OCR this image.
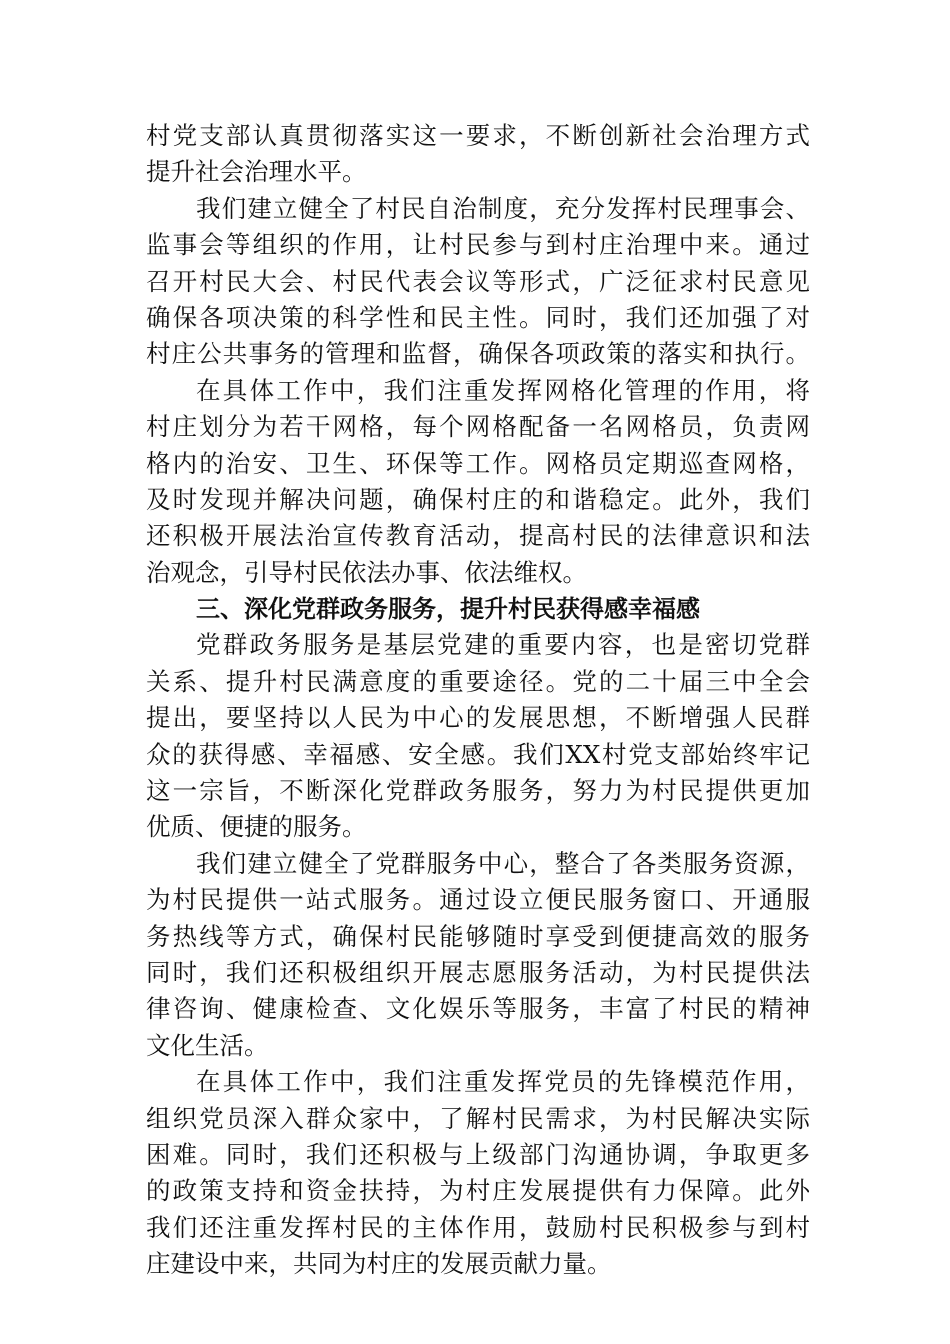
村党支部认真贯彻落实这一要求，不断创新社会治理方式
提升社会治理水平。
我们建立健全了村民自治制度，充分发挥村民理事会、
监事会等组织的作用，让村民参与到村庄治理中来。通过
召开村民大会、村民代表会议等形式，广泛征求村民意见
确保各项决策的科学性和民主性。同时，我们还加强了对
村庄公共事务的管理和监督，确保各项政策的落实和执行。
在具体工作中，我们注重发挥网格化管理的作用，将
村庄划分为若干网格，每个网格配备一名网格员，负责网
格内的治安、卫生、环保等工作。网格员定期巡查网格，
及时发现并解决问题，确保村庄的和谐稳定。此外，我们
还积极开展法治宣传教育活动，提高村民的法律意识和法
治观念，引导村民依法办事、依法维权。
三、深化党群政务服务，提升村民获得感幸福感
党群政务服务是基层党建的重要内容，也是密切党群
关系、提升村民满意度的重要途径。党的二十届三中全会
提出，要坚持以人民为中心的发展思想，不断增强人民群
众的获得感、幸福感、安全感。我们XX村党支部始终牢记
这一宗旨，不断深化党群政务服务，努力为村民提供更加
优质、便捷的服务。
我们建立健全了党群服务中心，整合了各类服务资源，
为村民提供一站式服务。通过设立便民服务窗口、开通服
务热线等方式，确保村民能够随时享受到便捷高效的服务
同时，我们还积极组织开展志愿服务活动，为村民提供法
律咨询、健康检查、文化娱乐等服务，丰富了村民的精神
文化生活。
在具体工作中，我们注重发挥党员的先锋模范作用，
组织党员深入群众家中，了解村民需求，为村民解决实际
困难。同时，我们还积极与上级部门沟通协调，争取更多
的政策支持和资金扶持，为村庄发展提供有力保障。此外
我们还注重发挥村民的主体作用，鼓励村民积极参与到村
庄建设中来，共同为村庄的发展贡献力量。
